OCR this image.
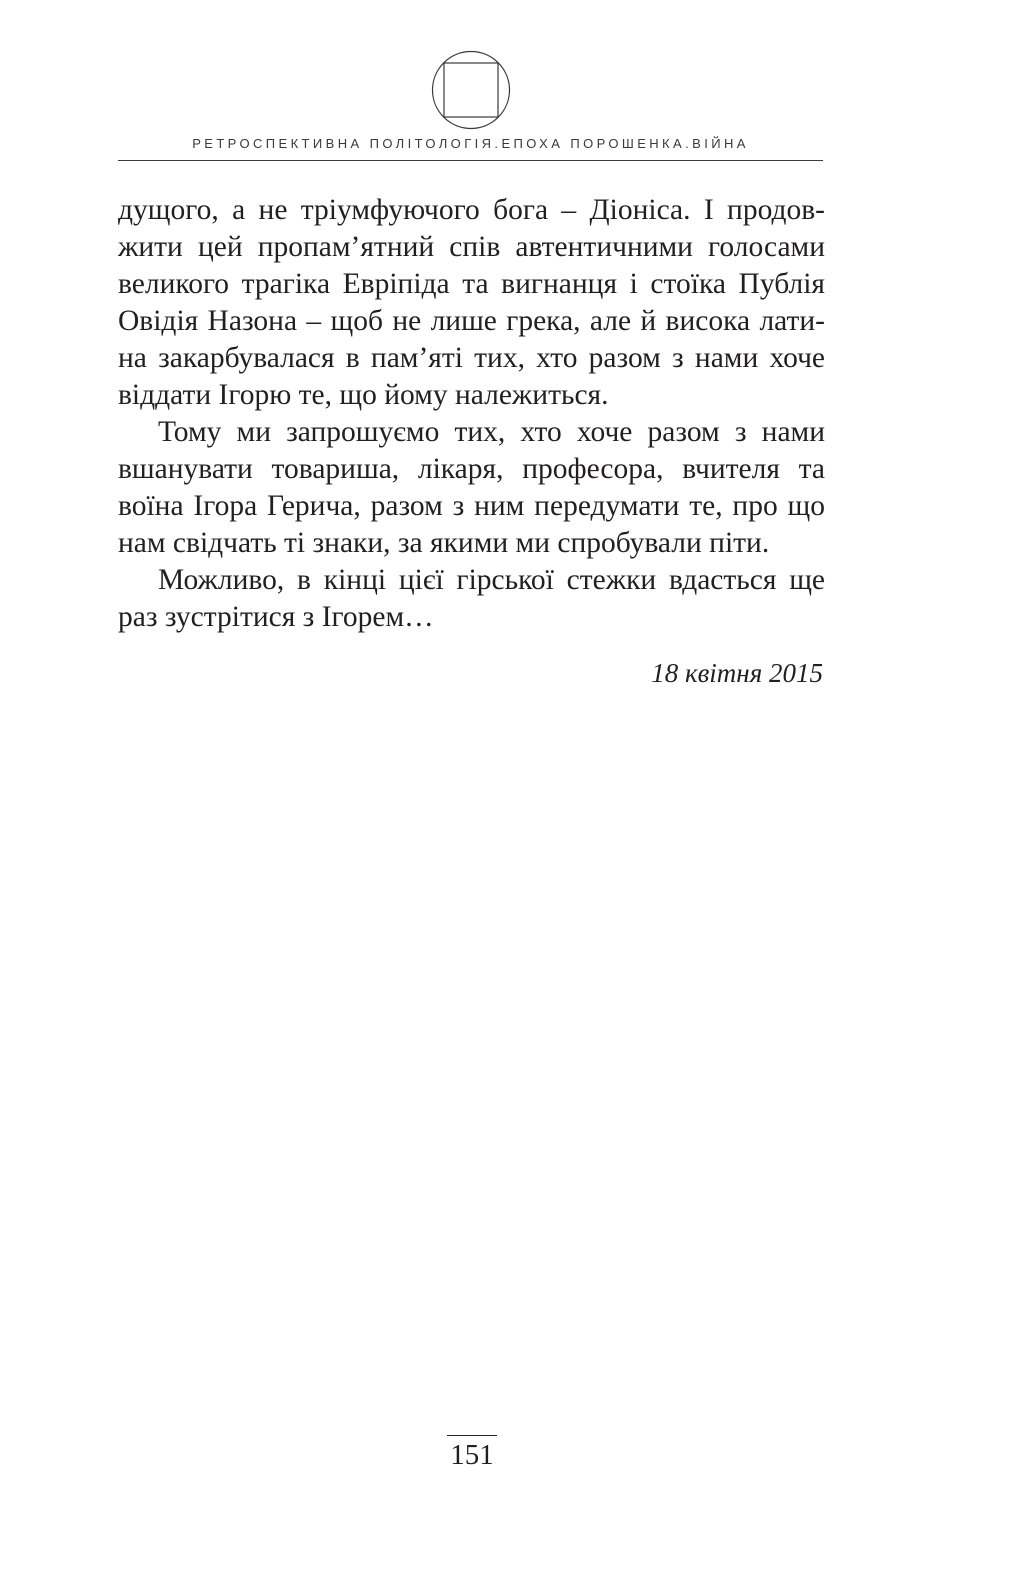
РЕТРОСПЕКТИВНА ПОЛІТОЛОГІЯ.ЕПОХА ПОРОШЕНКА.ВІЙНА

дущого, а не тріумфуючого бога – Діоніса. І продов-
жити цей пропам’ятний спів автентичними голосами
великого трагіка Евріпіда та вигнанця і стоїка Публія
Овідія Назона – щоб не лише грека, але й висока лати-
на закарбувалася в пам’яті тих, хто разом з нами хоче
віддати Ігорю те, що йому належиться.

Тому ми запрошуємо тих, хто хоче разом з нами
вшанувати товариша, лікаря, професора, вчителя та
воїна Ігора Герича, разом з ним передумати те, про що
нам свідчать ті знаки, за якими ми спробували піти.

Можливо, в кінці цієї гірської стежки вдасться ще
раз зустрітися з Ігорем…

18 квітня 2015
151
